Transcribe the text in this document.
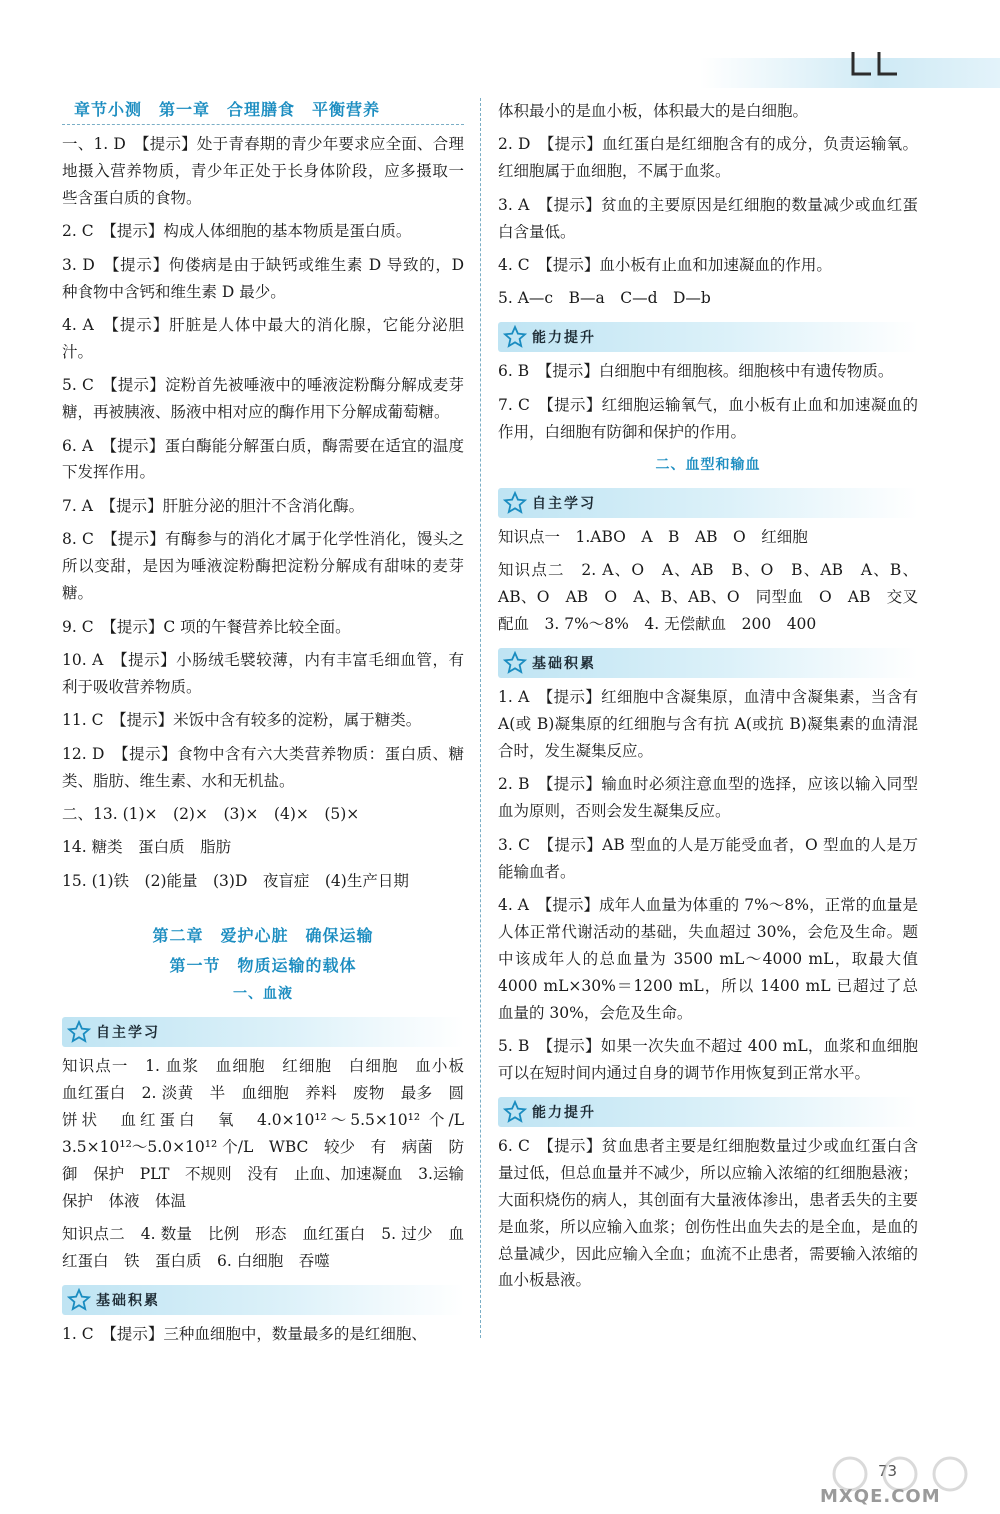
章节小测　第一章　合理膳食　平衡营养

一、1. D　【提示】处于青春期的青少年要求应全面、合理地摄入营养物质，青少年正处于长身体阶段，应多摄取一些含蛋白质的食物。

2. C　【提示】构成人体细胞的基本物质是蛋白质。

3. D　【提示】佝偻病是由于缺钙或维生素 D 导致的，D 种食物中含钙和维生素 D 最少。

4. A　【提示】肝脏是人体中最大的消化腺，它能分泌胆汁。

5. C　【提示】淀粉首先被唾液中的唾液淀粉酶分解成麦芽糖，再被胰液、肠液中相对应的酶作用下分解成葡萄糖。

6. A　【提示】蛋白酶能分解蛋白质，酶需要在适宜的温度下发挥作用。

7. A　【提示】肝脏分泌的胆汁不含消化酶。

8. C　【提示】有酶参与的消化才属于化学性消化，馒头之所以变甜，是因为唾液淀粉酶把淀粉分解成有甜味的麦芽糖。

9. C　【提示】C 项的午餐营养比较全面。

10. A　【提示】小肠绒毛襞较薄，内有丰富毛细血管，有利于吸收营养物质。

11. C　【提示】米饭中含有较多的淀粉，属于糖类。

12. D　【提示】食物中含有六大类营养物质：蛋白质、糖类、脂肪、维生素、水和无机盐。

二、13. (1)×　(2)×　(3)×　(4)×　(5)×

14. 糖类　蛋白质　脂肪

15. (1)铁　(2)能量　(3)D　夜盲症　(4)生产日期

第二章　爱护心脏　确保运输
第一节　物质运输的载体
一、血液
自主学习

知识点一　1. 血浆　血细胞　红细胞　白细胞　血小板　血红蛋白　2. 淡黄　半　血细胞　养料　废物　最多　圆饼状　血红蛋白　氧　4.0×10¹²～5.5×10¹² 个/L　3.5×10¹²～5.0×10¹² 个/L　WBC　较少　有　病菌　防御　保护　PLT　不规则　没有　止血、加速凝血　3.运输　保护　体液　体温

知识点二　4. 数量　比例　形态　血红蛋白　5. 过少　血红蛋白　铁　蛋白质　6. 白细胞　吞噬

基础积累

1. C　【提示】三种血细胞中，数量最多的是红细胞、

体积最小的是血小板，体积最大的是白细胞。

2. D　【提示】血红蛋白是红细胞含有的成分，负责运输氧。红细胞属于血细胞，不属于血浆。

3. A　【提示】贫血的主要原因是红细胞的数量减少或血红蛋白含量低。

4. C　【提示】血小板有止血和加速凝血的作用。

5. A—c　B—a　C—d　D—b

能力提升

6. B　【提示】白细胞中有细胞核。细胞核中有遗传物质。

7. C　【提示】红细胞运输氧气，血小板有止血和加速凝血的作用，白细胞有防御和保护的作用。

二、血型和输血
自主学习

知识点一　1.ABO　A　B　AB　O　红细胞

知识点二　2. A、O　A、AB　B、O　B、AB　A、B、AB、O　AB　O　A、B、AB、O　同型血　O　AB　交叉配血　3. 7%～8%　4. 无偿献血　200　400

基础积累

1. A　【提示】红细胞中含凝集原，血清中含凝集素，当含有 A(或 B)凝集原的红细胞与含有抗 A(或抗 B)凝集素的血清混合时，发生凝集反应。

2. B　【提示】输血时必须注意血型的选择，应该以输入同型血为原则，否则会发生凝集反应。

3. C　【提示】AB 型血的人是万能受血者，O 型血的人是万能输血者。

4. A　【提示】成年人血量为体重的 7%～8%，正常的血量是人体正常代谢活动的基础，失血超过 30%，会危及生命。题中该成年人的总血量为 3500 mL～4000 mL，取最大值 4000 mL×30%＝1200 mL，所以 1400 mL 已超过了总血量的 30%，会危及生命。

5. B　【提示】如果一次失血不超过 400 mL，血浆和血细胞可以在短时间内通过自身的调节作用恢复到正常水平。

能力提升

6. C　【提示】贫血患者主要是红细胞数量过少或血红蛋白含量过低，但总血量并不减少，所以应输入浓缩的红细胞悬液；大面积烧伤的病人，其创面有大量液体渗出，患者丢失的主要是血浆，所以应输入血浆；创伤性出血失去的是全血，是血的总量减少，因此应输入全血；血流不止患者，需要输入浓缩的血小板悬液。

73
MXQE.COM
